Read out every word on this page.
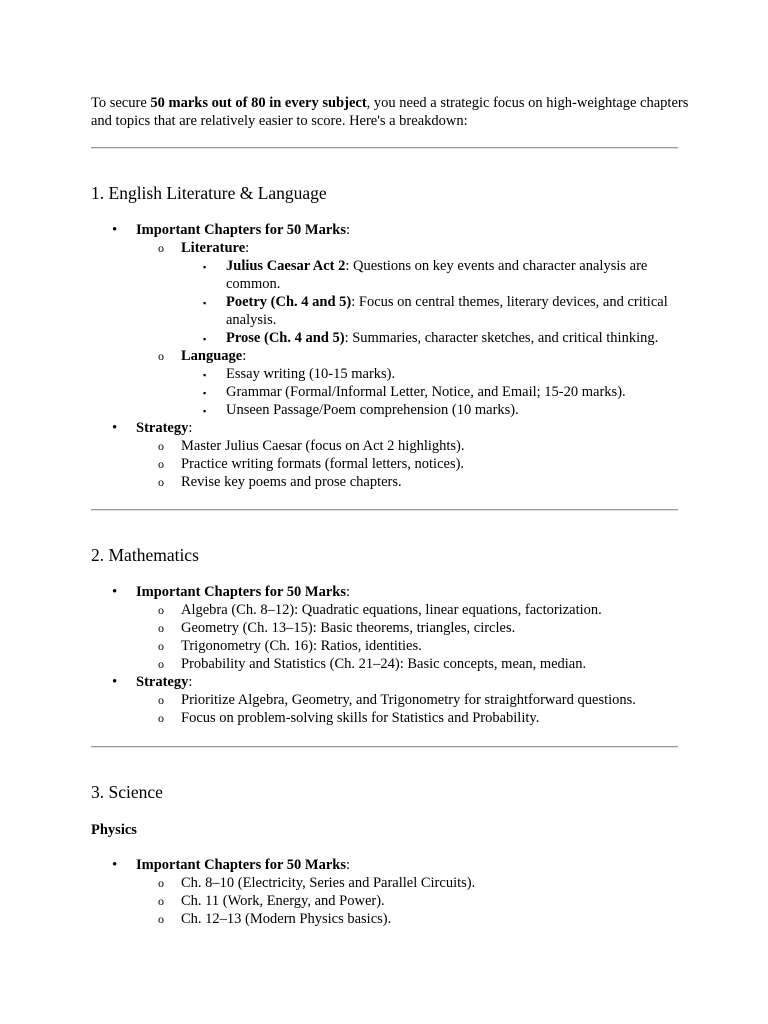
To secure 50 marks out of 80 in every subject, you need a strategic focus on high-weightage chapters and topics that are relatively easier to score. Here's a breakdown:

1. English Literature & Language
• Important Chapters for 50 Marks:
o Literature:
▪ Julius Caesar Act 2: Questions on key events and character analysis are common.
▪ Poetry (Ch. 4 and 5): Focus on central themes, literary devices, and critical analysis.
▪ Prose (Ch. 4 and 5): Summaries, character sketches, and critical thinking.
o Language:
▪ Essay writing (10-15 marks).
▪ Grammar (Formal/Informal Letter, Notice, and Email; 15-20 marks).
▪ Unseen Passage/Poem comprehension (10 marks).
• Strategy:
o Master Julius Caesar (focus on Act 2 highlights).
o Practice writing formats (formal letters, notices).
o Revise key poems and prose chapters.
2. Mathematics
• Important Chapters for 50 Marks:
o Algebra (Ch. 8–12): Quadratic equations, linear equations, factorization.
o Geometry (Ch. 13–15): Basic theorems, triangles, circles.
o Trigonometry (Ch. 16): Ratios, identities.
o Probability and Statistics (Ch. 21–24): Basic concepts, mean, median.
• Strategy:
o Prioritize Algebra, Geometry, and Trigonometry for straightforward questions.
o Focus on problem-solving skills for Statistics and Probability.
3. Science
Physics
• Important Chapters for 50 Marks:
o Ch. 8–10 (Electricity, Series and Parallel Circuits).
o Ch. 11 (Work, Energy, and Power).
o Ch. 12–13 (Modern Physics basics).
